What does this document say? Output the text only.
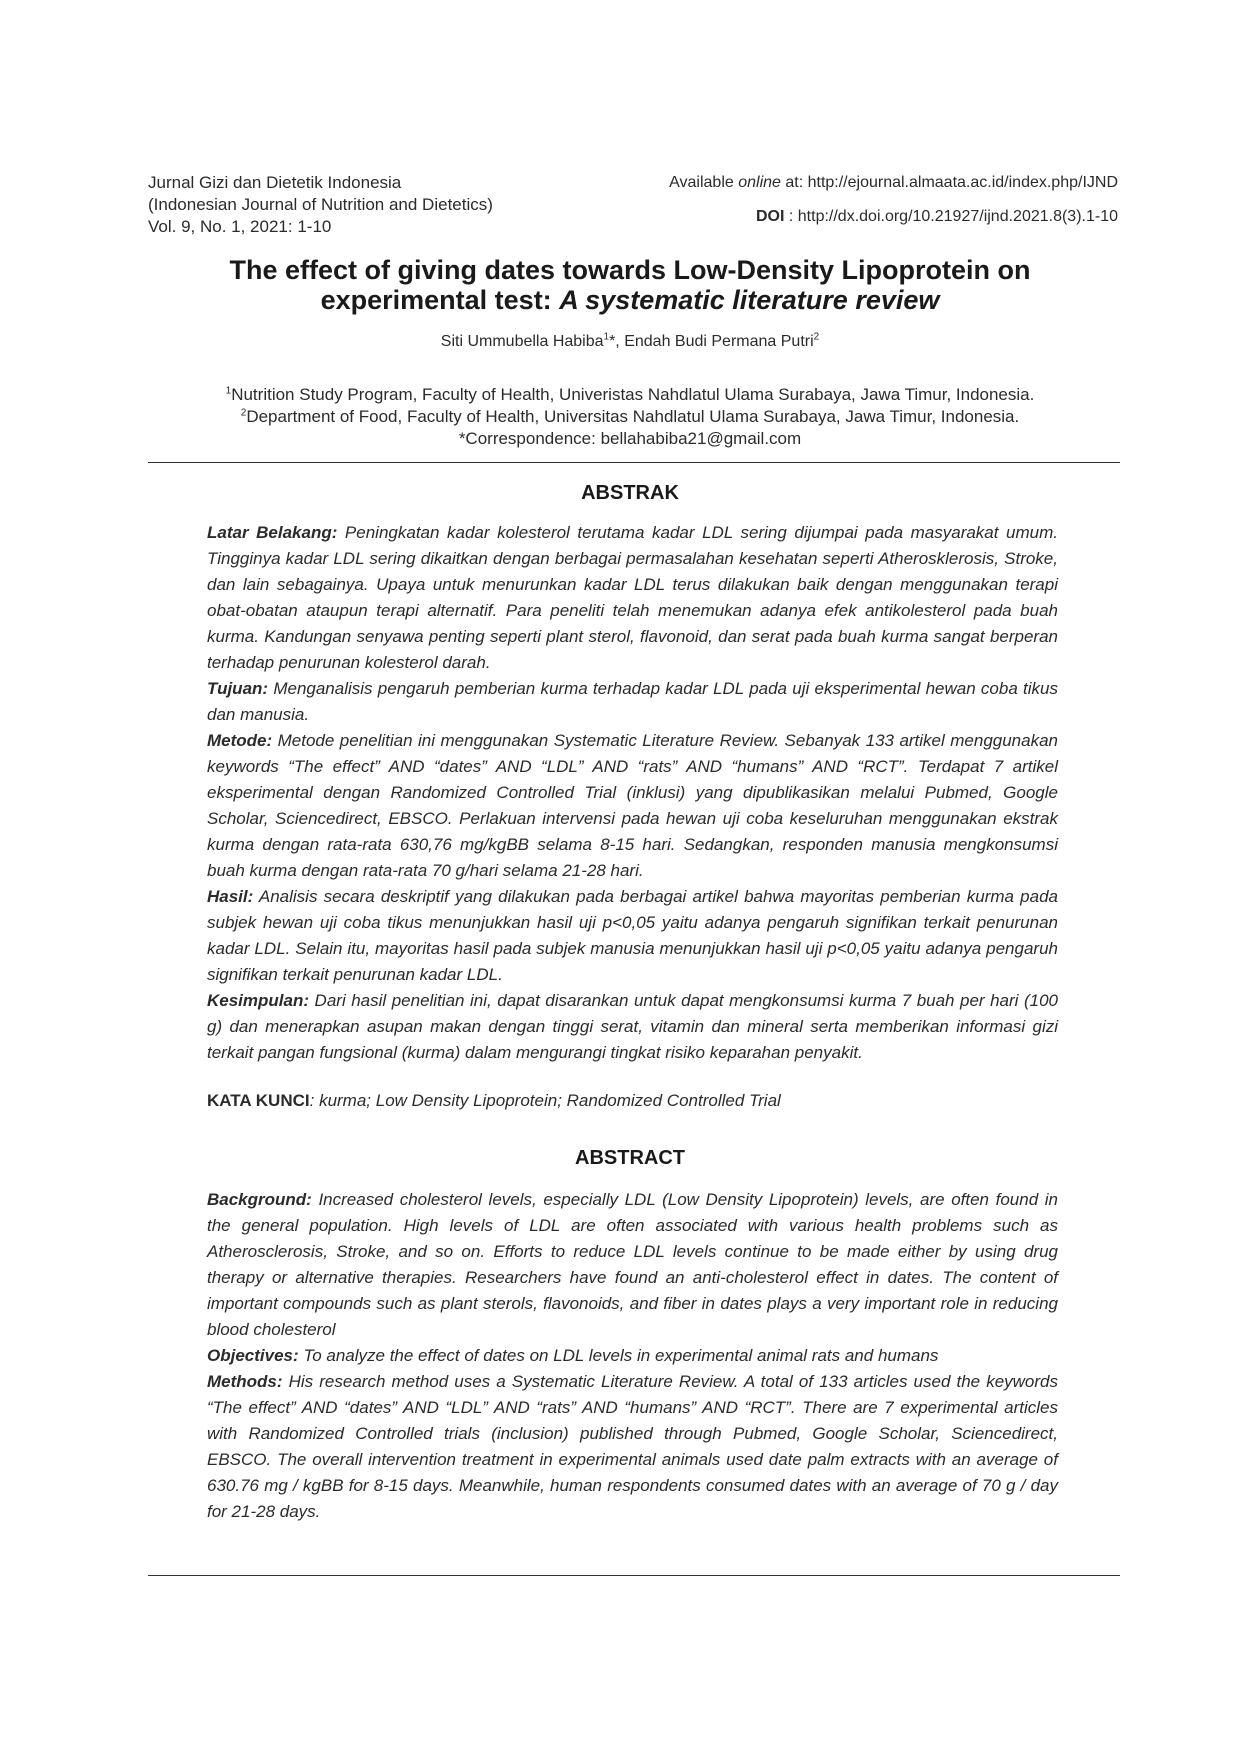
Jurnal Gizi dan Dietetik Indonesia
(Indonesian Journal of Nutrition and Dietetics)
Vol. 9, No. 1, 2021: 1-10
Available online at: http://ejournal.almaata.ac.id/index.php/IJND
DOI : http://dx.doi.org/10.21927/ijnd.2021.8(3).1-10
The effect of giving dates towards Low-Density Lipoprotein on
experimental test: A systematic literature review
Siti Ummubella Habiba$^1$*, Endah Budi Permana Putri$^2$
$^1$Nutrition Study Program, Faculty of Health, Univeristas Nahdlatul Ulama Surabaya, Jawa Timur, Indonesia.
$^2$Department of Food, Faculty of Health, Universitas Nahdlatul Ulama Surabaya, Jawa Timur, Indonesia.
*Correspondence: bellahabiba21@gmail.com
ABSTRAK

Latar Belakang: Peningkatan kadar kolesterol terutama kadar LDL sering dijumpai pada masyarakat umum. Tingginya kadar LDL sering dikaitkan dengan berbagai permasalahan kesehatan seperti Atherosklerosis, Stroke, dan lain sebagainya. Upaya untuk menurunkan kadar LDL terus dilakukan baik dengan menggunakan terapi obat-obatan ataupun terapi alternatif. Para peneliti telah menemukan adanya efek antikolesterol pada buah kurma. Kandungan senyawa penting seperti plant sterol, flavonoid, dan serat pada buah kurma sangat berperan terhadap penurunan kolesterol darah.

Tujuan: Menganalisis pengaruh pemberian kurma terhadap kadar LDL pada uji eksperimental hewan coba tikus dan manusia.

Metode: Metode penelitian ini menggunakan Systematic Literature Review. Sebanyak 133 artikel menggunakan keywords “The effect” AND “dates” AND “LDL” AND “rats” AND “humans” AND “RCT”. Terdapat 7 artikel eksperimental dengan Randomized Controlled Trial (inklusi) yang dipublikasikan melalui Pubmed, Google Scholar, Sciencedirect, EBSCO. Perlakuan intervensi pada hewan uji coba keseluruhan menggunakan ekstrak kurma dengan rata-rata 630,76 mg/kgBB selama 8-15 hari. Sedangkan, responden manusia mengkonsumsi buah kurma dengan rata-rata 70 g/hari selama 21-28 hari.

Hasil: Analisis secara deskriptif yang dilakukan pada berbagai artikel bahwa mayoritas pemberian kurma pada subjek hewan uji coba tikus menunjukkan hasil uji p<0,05 yaitu adanya pengaruh signifikan terkait penurunan kadar LDL. Selain itu, mayoritas hasil pada subjek manusia menunjukkan hasil uji p<0,05 yaitu adanya pengaruh signifikan terkait penurunan kadar LDL.

Kesimpulan: Dari hasil penelitian ini, dapat disarankan untuk dapat mengkonsumsi kurma 7 buah per hari (100 g) dan menerapkan asupan makan dengan tinggi serat, vitamin dan mineral serta memberikan informasi gizi terkait pangan fungsional (kurma) dalam mengurangi tingkat risiko keparahan penyakit.

KATA KUNCI: kurma; Low Density Lipoprotein; Randomized Controlled Trial
ABSTRACT

Background: Increased cholesterol levels, especially LDL (Low Density Lipoprotein) levels, are often found in the general population. High levels of LDL are often associated with various health problems such as Atherosclerosis, Stroke, and so on. Efforts to reduce LDL levels continue to be made either by using drug therapy or alternative therapies. Researchers have found an anti-cholesterol effect in dates. The content of important compounds such as plant sterols, flavonoids, and fiber in dates plays a very important role in reducing blood cholesterol

Objectives: To analyze the effect of dates on LDL levels in experimental animal rats and humans

Methods: His research method uses a Systematic Literature Review. A total of 133 articles used the keywords “The effect” AND “dates” AND “LDL” AND “rats” AND “humans” AND “RCT”. There are 7 experimental articles with Randomized Controlled trials (inclusion) published through Pubmed, Google Scholar, Sciencedirect, EBSCO. The overall intervention treatment in experimental animals used date palm extracts with an average of 630.76 mg / kgBB for 8-15 days. Meanwhile, human respondents consumed dates with an average of 70 g / day for 21-28 days.
